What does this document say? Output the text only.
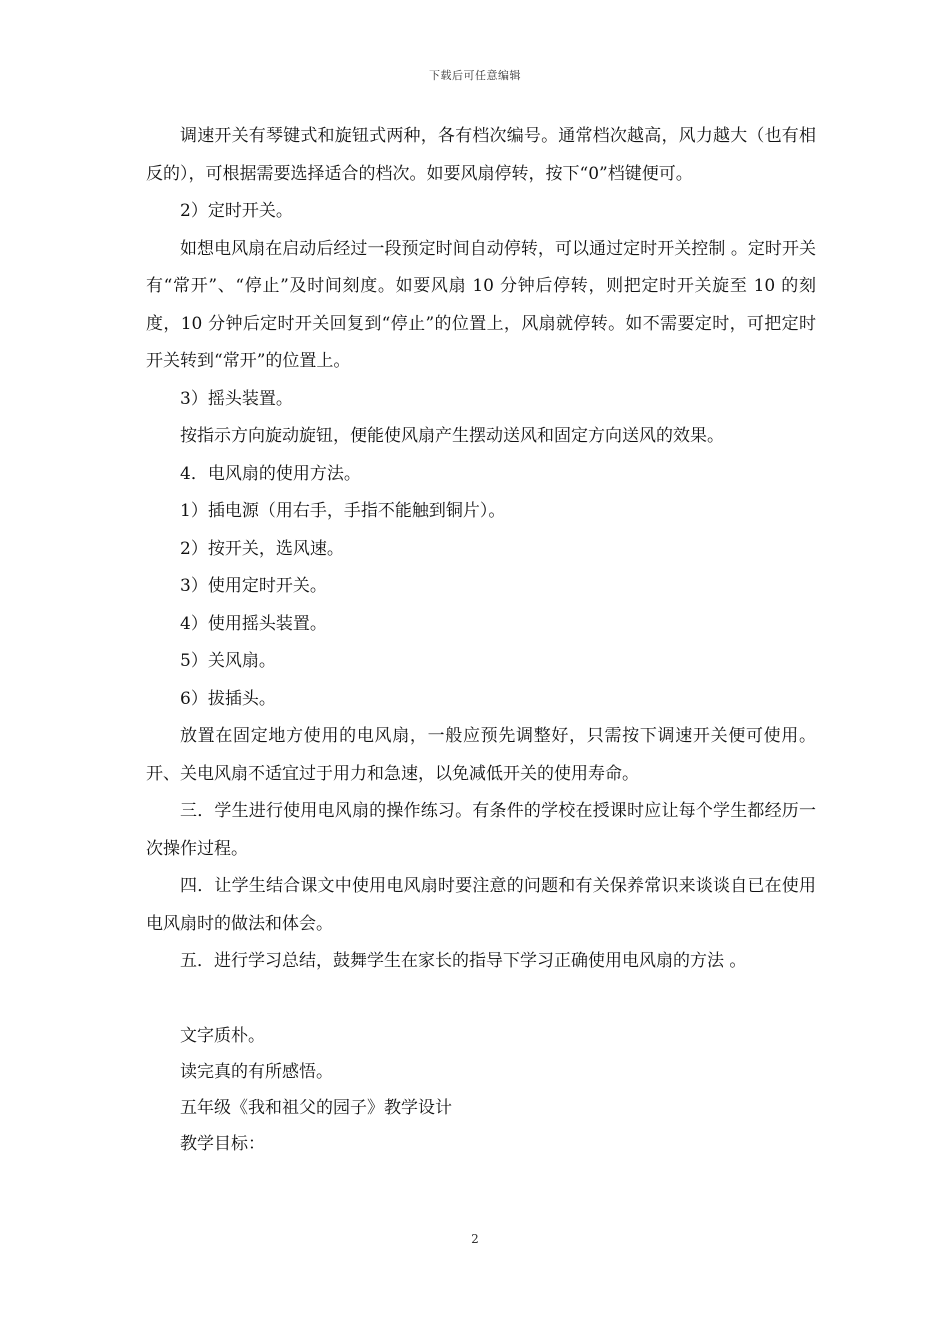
下载后可任意编辑

调速开关有琴键式和旋钮式两种，各有档次编号。通常档次越高，风力越大（也有相反的），可根据需要选择适合的档次。如要风扇停转，按下“0”档键便可。

2）定时开关。

如想电风扇在启动后经过一段预定时间自动停转，可以通过定时开关控制 。定时开关有“常开”、“停止”及时间刻度。如要风扇 10 分钟后停转，则把定时开关旋至 10 的刻度，10 分钟后定时开关回复到“停止”的位置上，风扇就停转。如不需要定时，可把定时开关转到“常开”的位置上。

3）摇头装置。

按指示方向旋动旋钮，便能使风扇产生摆动送风和固定方向送风的效果。

4．电风扇的使用方法。

1）插电源（用右手，手指不能触到铜片）。

2）按开关，选风速。

3）使用定时开关。

4）使用摇头装置。

5）关风扇。

6）拔插头。

放置在固定地方使用的电风扇，一般应预先调整好，只需按下调速开关便可使用。开、关电风扇不适宜过于用力和急速，以免减低开关的使用寿命。

三．学生进行使用电风扇的操作练习。有条件的学校在授课时应让每个学生都经历一次操作过程。

四．让学生结合课文中使用电风扇时要注意的问题和有关保养常识来谈谈自已在使用电风扇时的做法和体会。

五．进行学习总结，鼓舞学生在家长的指导下学习正确使用电风扇的方法 。

文字质朴。

读完真的有所感悟。

五年级《我和祖父的园子》教学设计

教学目标：

2
